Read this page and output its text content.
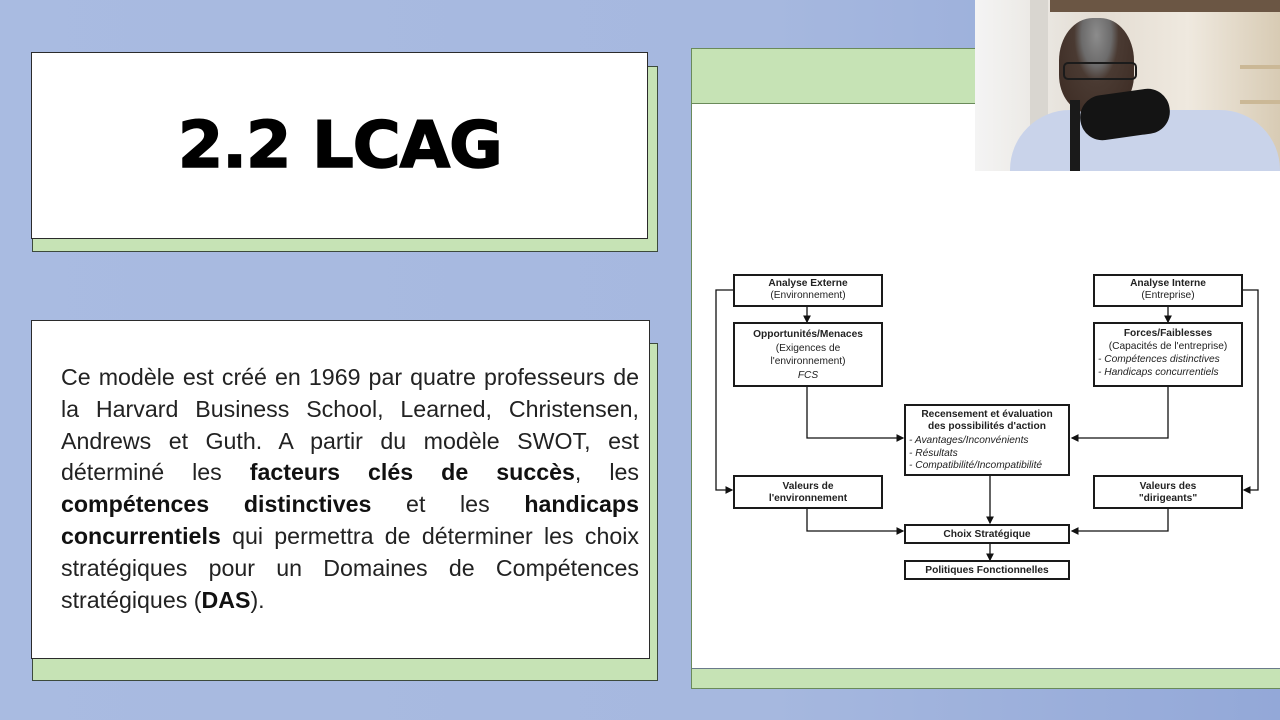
2.2 LCAG
Ce modèle est créé en 1969 par quatre professeurs de la Harvard Business School, Learned, Christensen, Andrews et Guth. A partir du modèle SWOT, est déterminé les facteurs clés de succès, les compétences distinctives et les handicaps concurrentiels qui permettra de déterminer les choix stratégiques pour un Domaines de Compétences stratégiques (DAS).
Analyse Externe
(Environnement)
Analyse Interne
(Entreprise)
Opportunités/Menaces
(Exigences de
l'environnement)
FCS
Forces/Faiblesses
(Capacités de l'entreprise)
- Compétences distinctives
- Handicaps concurrentiels
Recensement et évaluation
des possibilités d'action
- Avantages/Inconvénients
- Résultats
- Compatibilité/Incompatibilité
Valeurs de
l'environnement
Valeurs des
"dirigeants"
Choix Stratégique
Politiques Fonctionnelles
